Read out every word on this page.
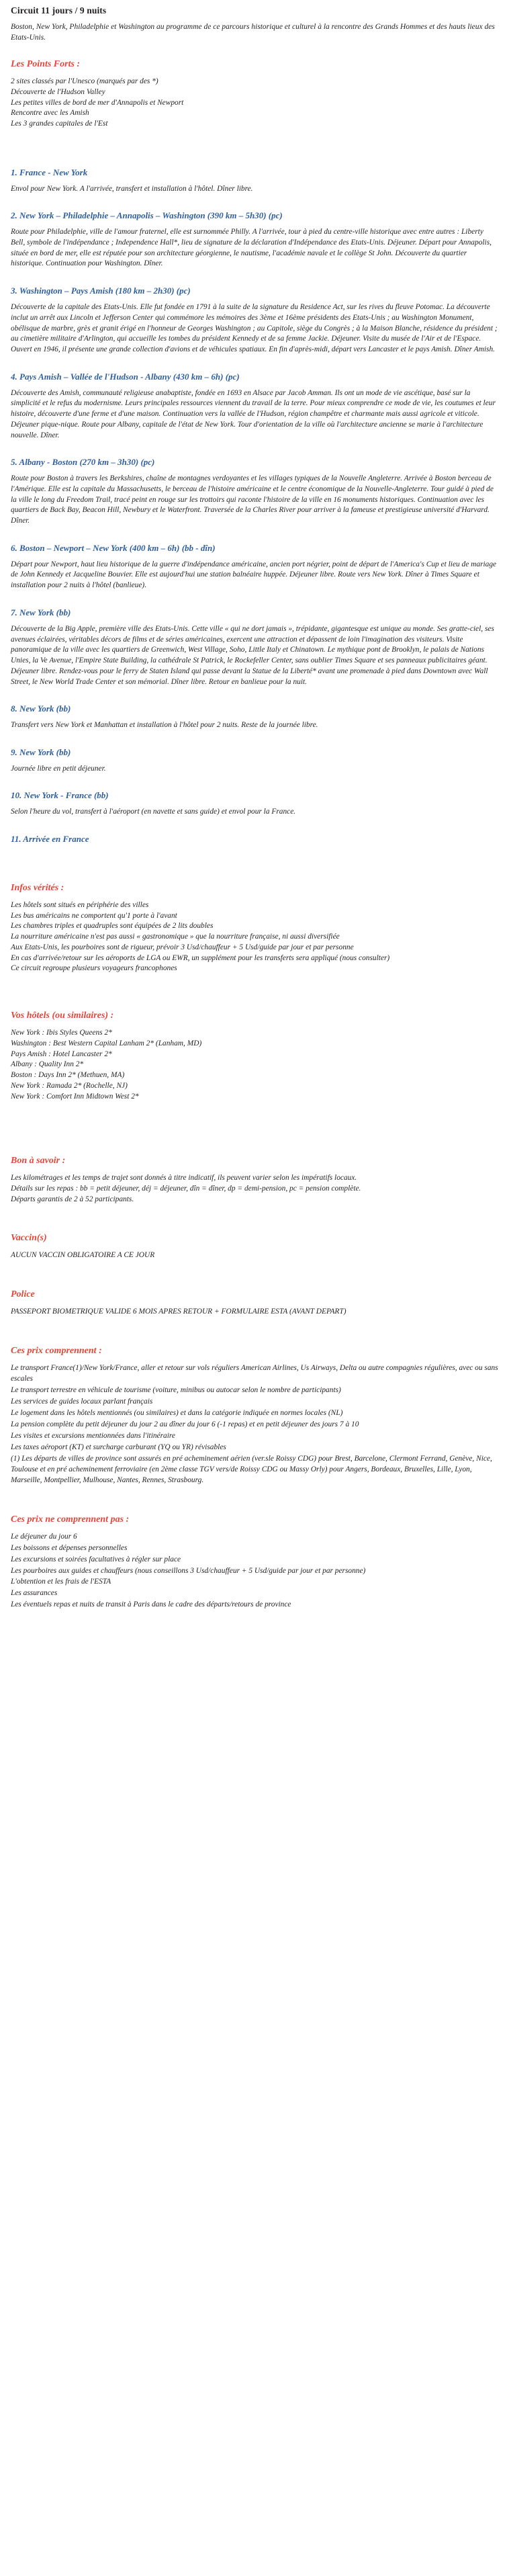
Circuit 11 jours / 9 nuits

Boston, New York, Philadelphie et Washington au programme de ce parcours historique et culturel à la rencontre des Grands Hommes et des hauts lieux des Etats-Unis.

Les Points Forts :
2 sites classés par l'Unesco (marqués par des *)
Découverte de l'Hudson Valley
Les petites villes de bord de mer d'Annapolis et Newport
Rencontre avec les Amish
Les 3 grandes capitales de l'Est
1. France - New York

Envol pour New York. A l'arrivée, transfert et installation à l'hôtel. Dîner libre.

2. New York – Philadelphie – Annapolis – Washington (390 km – 5h30) (pc)

Route pour Philadelphie, ville de l'amour fraternel, elle est surnommée Philly. A l'arrivée, tour à pied du centre-ville historique avec entre autres : Liberty Bell, symbole de l'indépendance ; Independence Hall*, lieu de signature de la déclaration d'Indépendance des Etats-Unis. Déjeuner. Départ pour Annapolis, située en bord de mer, elle est réputée pour son architecture géorgienne, le nautisme, l'académie navale et le collège St John. Découverte du quartier historique. Continuation pour Washington. Dîner.

3. Washington – Pays Amish (180 km – 2h30) (pc)

Découverte de la capitale des Etats-Unis. Elle fut fondée en 1791 à la suite de la signature du Residence Act, sur les rives du fleuve Potomac. La découverte inclut un arrêt aux Lincoln et Jefferson Center qui commémore les mémoires des 3ème et 16ème présidents des Etats-Unis ; au Washington Monument, obélisque de marbre, grès et granit érigé en l'honneur de Georges Washington ; au Capitole, siège du Congrès ; à la Maison Blanche, résidence du président ; au cimetière militaire d'Arlington, qui accueille les tombes du président Kennedy et de sa femme Jackie. Déjeuner. Visite du musée de l'Air et de l'Espace. Ouvert en 1946, il présente une grande collection d'avions et de véhicules spatiaux. En fin d'après-midi, départ vers Lancaster et le pays Amish. Dîner Amish.

4. Pays Amish – Vallée de l'Hudson - Albany (430 km – 6h) (pc)

Découverte des Amish, communauté religieuse anabaptiste, fondée en 1693 en Alsace par Jacob Amman. Ils ont un mode de vie ascétique, basé sur la simplicité et le refus du modernisme. Leurs principales ressources viennent du travail de la terre. Pour mieux comprendre ce mode de vie, les coutumes et leur histoire, découverte d'une ferme et d'une maison. Continuation vers la vallée de l'Hudson, région champêtre et charmante mais aussi agricole et viticole. Déjeuner pique-nique. Route pour Albany, capitale de l'état de New York. Tour d'orientation de la ville où l'architecture ancienne se marie à l'architecture nouvelle. Dîner.

5. Albany - Boston (270 km – 3h30) (pc)

Route pour Boston à travers les Berkshires, chaîne de montagnes verdoyantes et les villages typiques de la Nouvelle Angleterre. Arrivée à Boston berceau de l'Amérique. Elle est la capitale du Massachusetts, le berceau de l'histoire américaine et le centre économique de la Nouvelle-Angleterre. Tour guidé à pied de la ville le long du Freedom Trail, tracé peint en rouge sur les trottoirs qui raconte l'histoire de la ville en 16 monuments historiques. Continuation avec les quartiers de Back Bay, Beacon Hill, Newbury et le Waterfront. Traversée de la Charles River pour arriver à la fameuse et prestigieuse université d'Harvard. Dîner.

6. Boston – Newport – New York (400 km – 6h) (bb - dîn)

Départ pour Newport, haut lieu historique de la guerre d'indépendance américaine, ancien port négrier, point de départ de l'America's Cup et lieu de mariage de John Kennedy et Jacqueline Bouvier. Elle est aujourd'hui une station balnéaire huppée. Déjeuner libre. Route vers New York. Dîner à Times Square et installation pour 2 nuits à l'hôtel (banlieue).

7. New York (bb)

Découverte de la Big Apple, première ville des Etats-Unis. Cette ville « qui ne dort jamais », trépidante, gigantesque est unique au monde. Ses gratte-ciel, ses avenues éclairées, véritables décors de films et de séries américaines, exercent une attraction et dépassent de loin l'imagination des visiteurs. Visite panoramique de la ville avec les quartiers de Greenwich, West Village, Soho, Little Italy et Chinatown. Le mythique pont de Brooklyn, le palais de Nations Unies, la Ve Avenue, l'Empire State Building, la cathédrale St Patrick, le Rockefeller Center, sans oublier Times Square et ses panneaux publicitaires géant. Déjeuner libre. Rendez-vous pour le ferry de Staten Island qui passe devant la Statue de la Liberté* avant une promenade à pied dans Downtown avec Wall Street, le New World Trade Center et son mémorial. Dîner libre. Retour en banlieue pour la nuit.

8. New York (bb)

Transfert vers New York et Manhattan et installation à l'hôtel pour 2 nuits. Reste de la journée libre.

9. New York (bb)

Journée libre en petit déjeuner.

10. New York - France (bb)

Selon l'heure du vol, transfert à l'aéroport (en navette et sans guide) et envol pour la France.

11. Arrivée en France
Infos vérités :
Les hôtels sont situés en périphérie des villes
Les bus américains ne comportent qu'1 porte à l'avant
Les chambres triples et quadruples sont équipées de 2 lits doubles
La nourriture américaine n'est pas aussi « gastronomique » que la nourriture française, ni aussi diversifiée
Aux Etats-Unis, les pourboires sont de rigueur, prévoir 3 Usd/chauffeur + 5 Usd/guide par jour et par personne
En cas d'arrivée/retour sur les aéroports de LGA ou EWR, un supplément pour les transferts sera appliqué (nous consulter)
Ce circuit regroupe plusieurs voyageurs francophones
Vos hôtels (ou similaires) :
New York : Ibis Styles Queens 2*
Washington : Best Western Capital Lanham 2* (Lanham, MD)
Pays Amish : Hotel Lancaster 2*
Albany : Quality Inn 2*
Boston : Days Inn 2* (Methuen, MA)
New York : Ramada 2* (Rochelle, NJ)
New York : Comfort Inn Midtown West 2*
Bon à savoir :
Les kilométrages et les temps de trajet sont donnés à titre indicatif, ils peuvent varier selon les impératifs locaux.
Détails sur les repas : bb = petit déjeuner, déj = déjeuner, dîn = dîner, dp = demi-pension, pc = pension complète.
Départs garantis de 2 à 52 participants.
Vaccin(s)

AUCUN VACCIN OBLIGATOIRE A CE JOUR

Police

PASSEPORT BIOMETRIQUE VALIDE 6 MOIS APRES RETOUR + FORMULAIRE ESTA (AVANT DEPART)

Ces prix comprennent :
Le transport France(1)/New York/France, aller et retour sur vols réguliers American Airlines, Us Airways, Delta ou autre compagnies régulières, avec ou sans escales
Le transport terrestre en véhicule de tourisme (voiture, minibus ou autocar selon le nombre de participants)
Les services de guides locaux parlant français
Le logement dans les hôtels mentionnés (ou similaires) et dans la catégorie indiquée en normes locales (NL)
La pension complète du petit déjeuner du jour 2 au dîner du jour 6 (-1 repas) et en petit déjeuner des jours 7 à 10
Les visites et excursions mentionnées dans l'itinéraire
Les taxes aéroport (KT) et surcharge carburant (YQ ou YR) révisables
(1) Les départs de villes de province sont assurés en pré acheminement aérien (ver.sle Roissy CDG) pour Brest, Barcelone, Clermont Ferrand, Genève, Nice, Toulouse et en pré acheminement ferroviaire (en 2ème classe TGV vers/de Roissy CDG ou Massy Orly) pour Angers, Bordeaux, Bruxelles, Lille, Lyon, Marseille, Montpellier, Mulhouse, Nantes, Rennes, Strasbourg.
Ces prix ne comprennent pas :
Le déjeuner du jour 6
Les boissons et dépenses personnelles
Les excursions et soirées facultatives à régler sur place
Les pourboires aux guides et chauffeurs (nous conseillons 3 Usd/chauffeur + 5 Usd/guide par jour et par personne)
L'obtention et les frais de l'ESTA
Les assurances
Les éventuels repas et nuits de transit à Paris dans le cadre des départs/retours de province
